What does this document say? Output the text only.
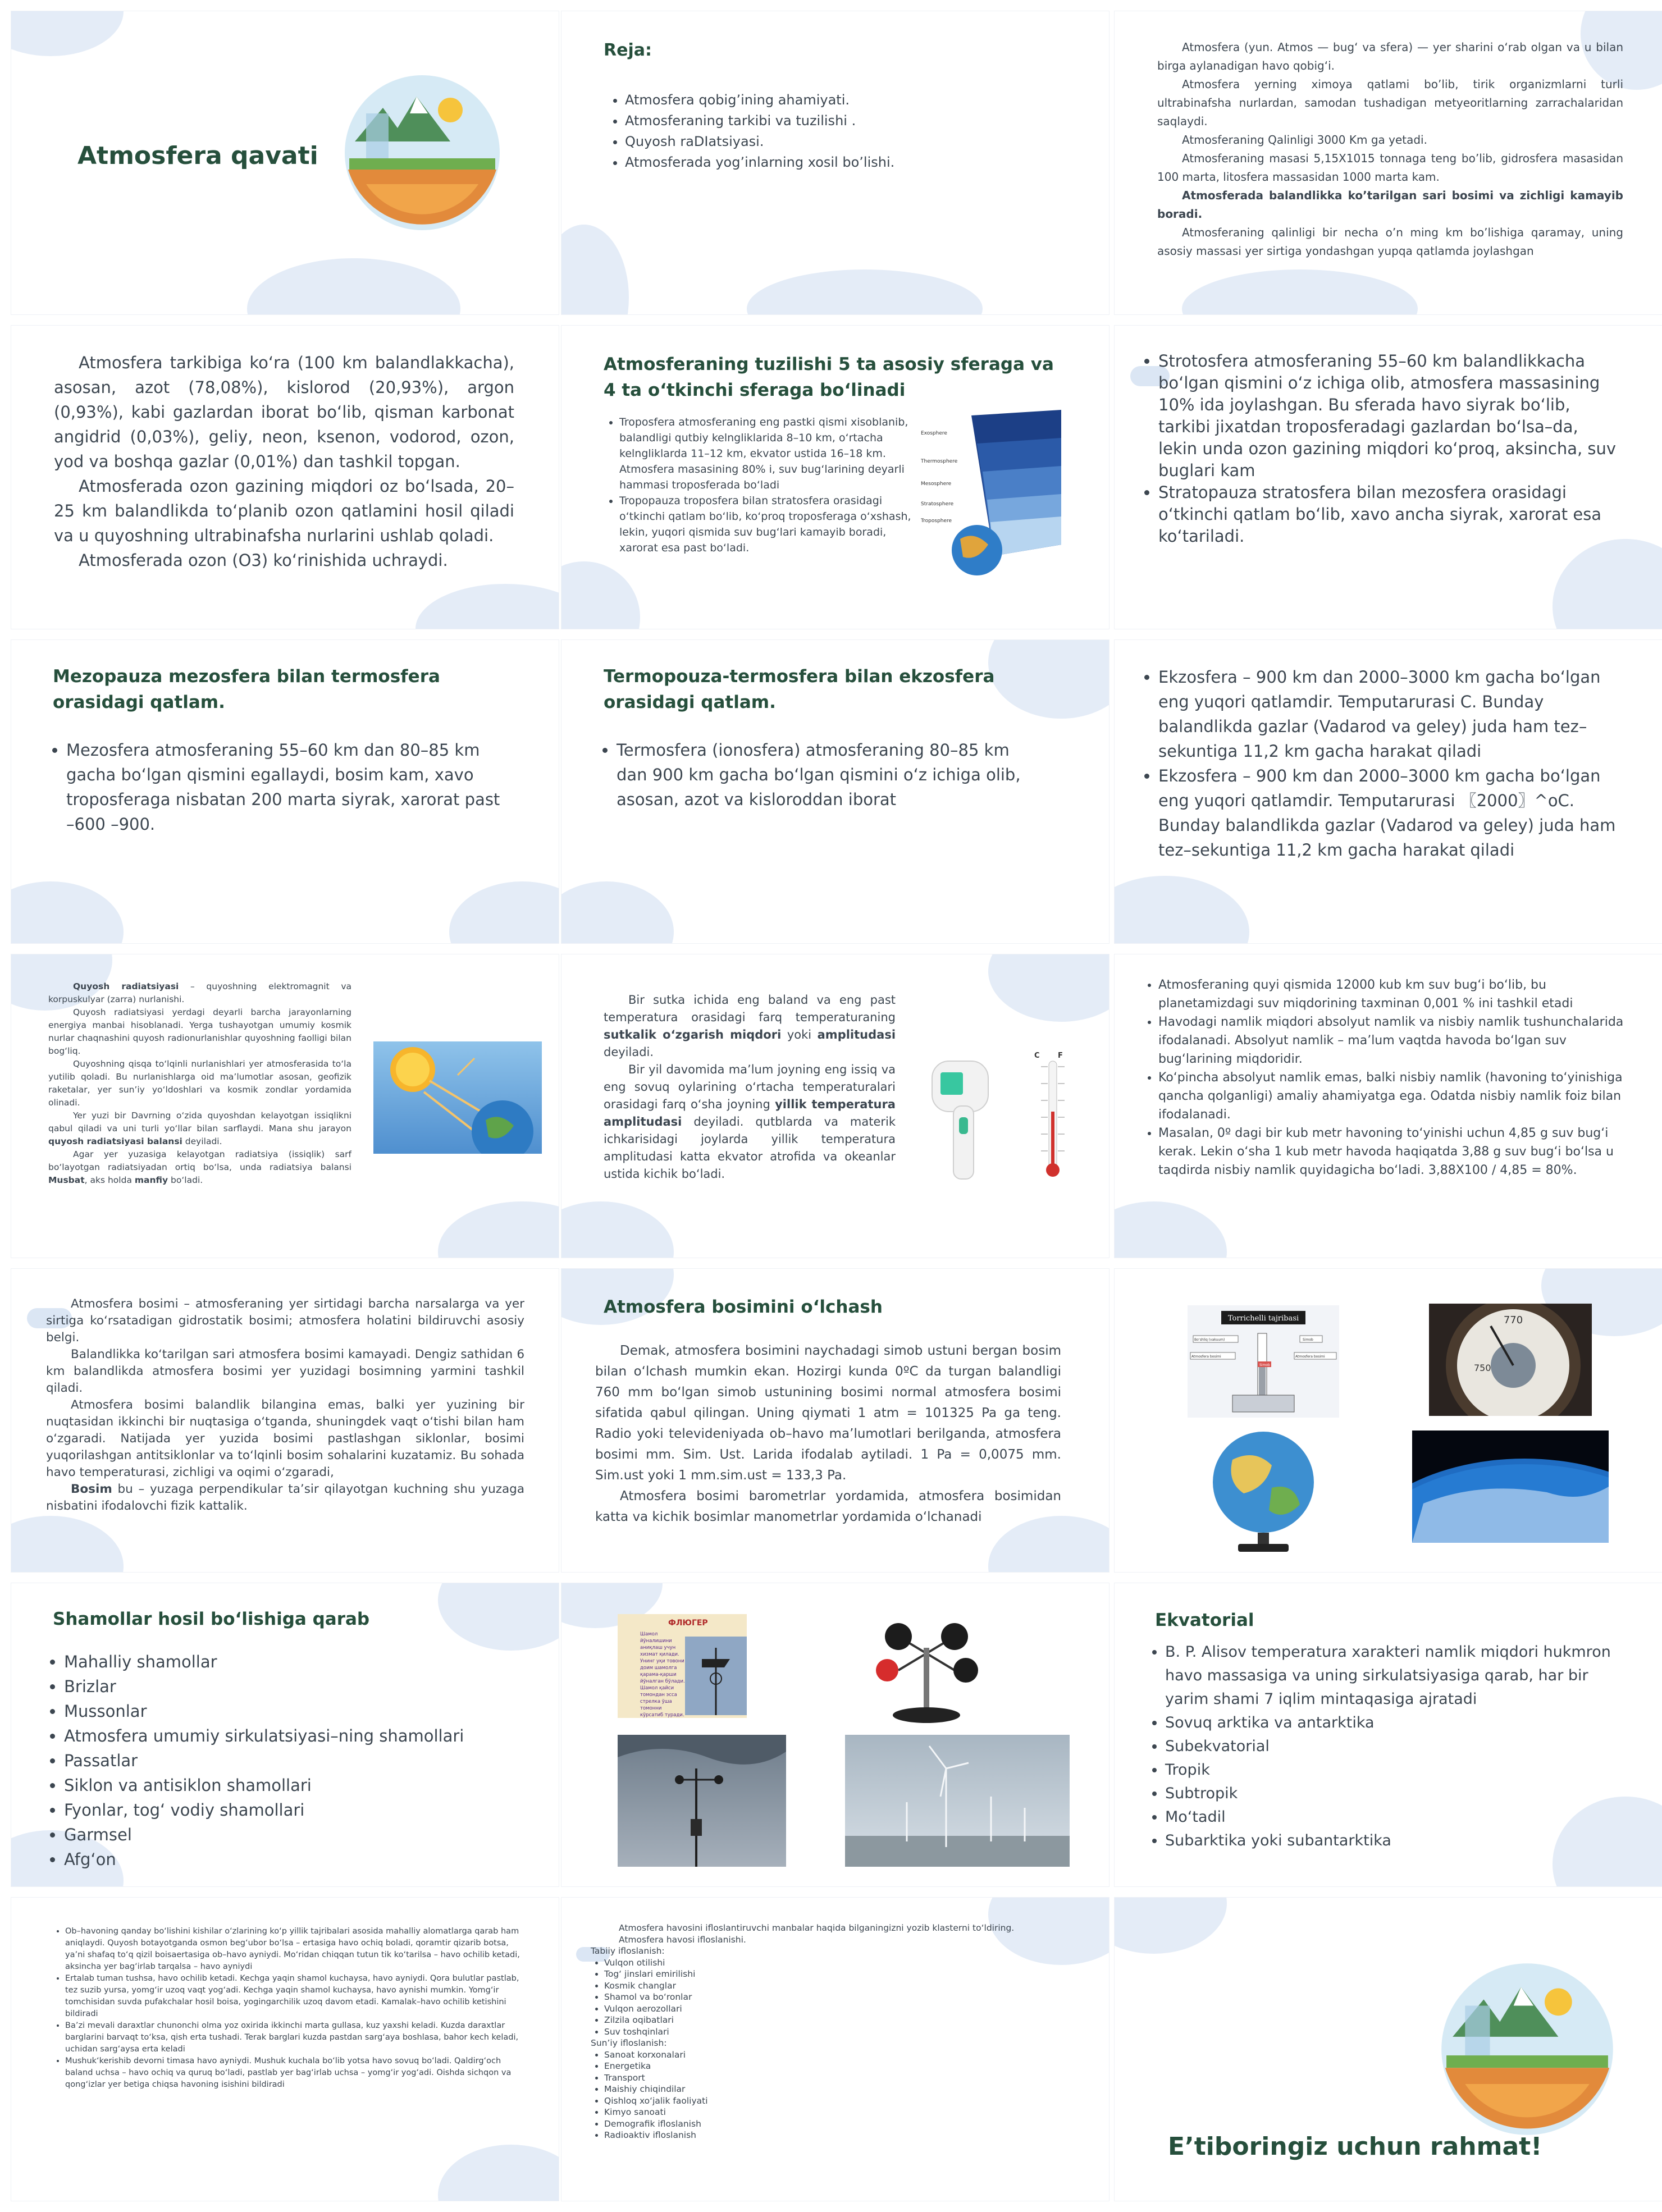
Atmosfera qavati
Reja:
• Atmosfera qobig’ining ahamiyati.
• Atmosferaning tarkibi va tuzilishi .
• Quyosh raDIatsiyasi.
• Atmosferada yog’inlarning xosil bo’lishi.

Atmosfera (yun. Atmos — bug‘ va sfera) — yer sharini o‘rab olgan va u bilan birga aylanadigan havo qobig‘i.

Atmosfera yerning ximoya qatlami bo’lib, tirik organizmlarni turli ultrabinafsha nurlardan, samodan tushadigan metyeoritlarning zarrachalaridan saqlaydi.

Atmosferaning Qalinligi 3000 Km ga yetadi.

Atmosferaning masasi 5,15X1015 tonnaga teng bo’lib, gidrosfera masasidan 100 marta, litosfera massasidan 1000 marta kam.

Atmosferada balandlikka ko’tarilgan sari bosimi va zichligi kamayib boradi.

Atmosferaning qalinligi bir necha o’n ming km bo’lishiga qaramay, uning asosiy massasi yer sirtiga yondashgan yupqa qatlamda joylashgan

Atmosfera tarkibiga ko‘ra (100 km balandlakkacha), asosan, azot (78,08%), kislorod (20,93%), argon (0,93%), kabi gazlardan iborat bo‘lib, qisman karbonat angidrid (0,03%), geliy, neon, ksenon, vodorod, ozon, yod va boshqa gazlar (0,01%) dan tashkil topgan.

Atmosferada ozon gazining miqdori oz bo‘lsada, 20–25 km balandlikda to‘planib ozon qatlamini hosil qiladi va u quyoshning ultrabinafsha nurlarini ushlab qoladi.

Atmosferada ozon (O3) ko‘rinishida uchraydi.

Atmosferaning tuzilishi 5 ta asosiy sferaga va 4 ta o‘tkinchi sferaga bo‘linadi
• Troposfera atmosferaning eng pastki qismi xisoblanib, balandligi qutbiy kelngliklarida 8–10 km, o‘rtacha kelngliklarda 11–12 km, ekvator ustida 16–18 km. Atmosfera masasining 80% i, suv bug‘larining deyarli hammasi troposferada bo‘ladi
• Tropopauza troposfera bilan stratosfera orasidagi o‘tkinchi qatlam bo‘lib, ko‘proq troposferaga o‘xshash, lekin, yuqori qismida suv bug‘lari kamayib boradi, xarorat esa past bo‘ladi.
Exosphere
Thermosphere
Mesosphere
Stratosphere
Troposphere
• Strotosfera atmosferaning 55–60 km balandlikkacha bo‘lgan qismini o‘z ichiga olib, atmosfera massasining 10% ida joylashgan. Bu sferada havo siyrak bo‘lib, tarkibi jixatdan troposferadagi gazlardan bo‘lsa–da, lekin unda ozon gazining miqdori ko‘proq, aksincha, suv buglari kam
• Stratopauza stratosfera bilan mezosfera orasidagi o‘tkinchi qatlam bo‘lib, xavo ancha siyrak, xarorat esa ko‘tariladi.
Mezopauza mezosfera bilan termosfera orasidagi qatlam.
• Mezosfera atmosferaning 55–60 km dan 80–85 km gacha bo‘lgan qismini egallaydi, bosim kam, xavo troposferaga nisbatan 200 marta siyrak, xarorat past –600 –900.
Termopouza-termosfera bilan ekzosfera orasidagi qatlam.
• Termosfera (ionosfera) atmosferaning 80–85 km dan 900 km gacha bo‘lgan qismini o‘z ichiga olib, asosan, azot va kisloroddan iborat
• Ekzosfera – 900 km dan 2000–3000 km gacha bo‘lgan eng yuqori qatlamdir. Temputarurasi C. Bunday balandlikda gazlar (Vadarod va geley) juda ham tez–sekuntiga 11,2 km gacha harakat qiladi
• Ekzosfera – 900 km dan 2000–3000 km gacha bo‘lgan eng yuqori qatlamdir. Temputarurasi 〖2000〗^oC. Bunday balandlikda gazlar (Vadarod va geley) juda ham tez–sekuntiga 11,2 km gacha harakat qiladi

Quyosh radiatsiyasi – quyoshning elektromagnit va korpuskulyar (zarra) nurlanishi.

Quyosh radiatsiyasi yerdagi deyarli barcha jarayonlarning energiya manbai hisoblanadi. Yerga tushayotgan umumiy kosmik nurlar chaqnashini quyosh radionurlanishlar quyoshning faolligi bilan bog‘liq.

Quyoshning qisqa to‘lqinli nurlanishlari yer atmosferasida to‘la yutilib qoladi. Bu nurlanishlarga oid ma’lumotlar asosan, geofizik raketalar, yer sun’iy yo‘ldoshlari va kosmik zondlar yordamida olinadi.

Yer yuzi bir Davrning o‘zida quyoshdan kelayotgan issiqlikni qabul qiladi va uni turli yo‘llar bilan sarflaydi. Mana shu jarayon quyosh radiatsiyasi balansi deyiladi.

Agar yer yuzasiga kelayotgan radiatsiya (issiqlik) sarf bo‘layotgan radiatsiyadan ortiq bo‘lsa, unda radiatsiya balansi Musbat, aks holda manfiy bo‘ladi.

Bir sutka ichida eng baland va eng past temperatura orasidagi farq temperaturaning sutkalik o‘zgarish miqdori yoki amplitudasi deyiladi.

Bir yil davomida ma’lum joyning eng issiq va eng sovuq oylarining o‘rtacha temperaturalari orasidagi farq o‘sha joyning yillik temperatura amplitudasi deyiladi. qutblarda va materik ichkarisidagi joylarda yillik temperatura amplitudasi katta ekvator atrofida va okeanlar ustida kichik bo‘ladi.

C F
• Atmosferaning quyi qismida 12000 kub km suv bug‘i bo‘lib, bu planetamizdagi suv miqdorining taxminan 0,001 % ini tashkil etadi
• Havodagi namlik miqdori absolyut namlik va nisbiy namlik tushunchalarida ifodalanadi. Absolyut namlik – ma’lum vaqtda havoda bo‘lgan suv bug‘larining miqdoridir.
• Ko‘pincha absolyut namlik emas, balki nisbiy namlik (havoning to‘yinishiga qancha qolganligi) amaliy ahamiyatga ega. Odatda nisbiy namlik foiz bilan ifodalanadi.
• Masalan, 0º dagi bir kub metr havoning to‘yinishi uchun 4,85 g suv bug‘i kerak. Lekin o‘sha 1 kub metr havoda haqiqatda 3,88 g suv bug‘i bo‘lsa u taqdirda nisbiy namlik quyidagicha bo‘ladi. 3,88Х100 / 4,85 = 80%.

Atmosfera bosimi – atmosferaning yer sirtidagi barcha narsalarga va yer sirtiga ko‘rsatadigan gidrostatik bosimi; atmosfera holatini bildiruvchi asosiy belgi.

Balandlikka ko‘tarilgan sari atmosfera bosimi kamayadi. Dengiz sathidan 6 km balandlikda atmosfera bosimi yer yuzidagi bosimning yarmini tashkil qiladi.

Atmosfera bosimi balandlik bilangina emas, balki yer yuzining bir nuqtasidan ikkinchi bir nuqtasiga o‘tganda, shuningdek vaqt o‘tishi bilan ham o‘zgaradi. Natijada yer yuzida bosimi pastlashgan siklonlar, bosimi yuqorilashgan antitsiklonlar va to‘lqinli bosim sohalarini kuzatamiz. Bu sohada havo temperaturasi, zichligi va oqimi o‘zgaradi,

Bosim bu – yuzaga perpendikular ta’sir qilayotgan kuchning shu yuzaga nisbatini ifodalovchi fizik kattalik.

Atmosfera bosimini o‘lchash

Demak, atmosfera bosimini naychadagi simob ustuni bergan bosim bilan o‘lchash mumkin ekan. Hozirgi kunda 0ºC da turgan balandligi 760 mm bo‘lgan simob ustunining bosimi normal atmosfera bosimi sifatida qabul qilingan. Uning qiymati 1 atm = 101325 Pa ga teng. Radio yoki televideniyada ob–havo ma’lumotlari berilganda, atmosfera bosimi mm. Sim. Ust. Larida ifodalab aytiladi. 1 Pa = 0,0075 mm. Sim.ust yoki 1 mm.sim.ust = 133,3 Pa.

Atmosfera bosimi barometrlar yordamida, atmosfera bosimidan katta va kichik bosimlar manometrlar yordamida o‘lchanadi

Torrichelli tajribasi
Bo‘shliq (vakuum)	Simob
Atmosfera bosimi	Atmosfera bosimi
Simob
770
750
Shamollar hosil bo‘lishiga qarab
• Mahalliy shamollar
• Brizlar
• Mussonlar
• Atmosfera umumiy sirkulatsiyasi–ning shamollari
• Passatlar
• Siklon va antisiklon shamollari
• Fyonlar, tog‘ vodiy shamollari
• Garmsel
• Afg‘on
ФЛЮГЕР
Шамол йўналишини аниқлаш учун хизмат қилади. Унинг уқи товони доим шамолга қарама-қарши йўналган бўлади. Шамол қайси томондан эсса стрелка ўша томонни кўрсатиб туради.
Ekvatorial
• B. P. Alisov temperatura xarakteri namlik miqdori hukmron havo massasiga va uning sirkulatsiyasiga qarab, har bir yarim shami 7 iqlim mintaqasiga ajratadi
• Sovuq arktika va antarktika
• Subekvatorial
• Tropik
• Subtropik
• Mo‘tadil
• Subarktika yoki subantarktika
• Ob–havoning qanday bo‘lishini kishilar o‘zlarining ko‘p yillik tajribalari asosida mahalliy alomatlarga qarab ham aniqlaydi. Quyosh botayotganda osmon beg‘ubor bo‘lsa – ertasiga havo ochiq boladi, qoramtir qizarib botsa, ya’ni shafaq to‘q qizil boisaertasiga ob–havo ayniydi. Mo‘ridan chiqqan tutun tik ko‘tarilsa – havo ochilib ketadi, aksincha yer bag‘irlab tarqalsa – havo ayniydi
• Ertalab tuman tushsa, havo ochilib ketadi. Kechga yaqin shamol kuchaysa, havo ayniydi. Qora bulutlar pastlab, tez suzib yursa, yomg‘ir uzoq vaqt yog‘adi. Kechga yaqin shamol kuchaysa, havo aynishi mumkin. Yomg‘ir tomchisidan suvda pufakchalar hosil boisa, yogingarchilik uzoq davom etadi. Kamalak–havo ochilib ketishini bildiradi
• Ba’zi mevali daraxtlar chunonchi olma yoz oxirida ikkinchi marta gullasa, kuz yaxshi keladi. Kuzda daraxtlar barglarini barvaqt to‘ksa, qish erta tushadi. Terak barglari kuzda pastdan sarg‘aya boshlasa, bahor kech keladi, uchidan sarg‘aysa erta keladi
• Mushuk‘kerishib devorni timasa havo ayniydi. Mushuk kuchala bo‘lib yotsa havo sovuq bo‘ladi. Qaldirg‘och baland uchsa – havo ochiq va quruq bo‘ladi, pastlab yer bag‘irlab uchsa – yomg‘ir yog‘adi. Oishda sichqon va qong‘izlar yer betiga chiqsa havoning isishini bildiradi
Atmosfera havosini ifloslantiruvchi manbalar haqida bilganingizni yozib klasterni to‘ldiring.
Atmosfera havosi ifloslanishi.
Tabiiy ifloslanish:
• Vulqon otilishi
• Tog‘ jinslari emirilishi
• Kosmik changlar
• Shamol va bo‘ronlar
• Vulqon aerozollari
• Zilzila oqibatlari
• Suv toshqinlari
Sun’iy ifloslanish:
• Sanoat korxonalari
• Energetika
• Transport
• Maishiy chiqindilar
• Qishloq xo‘jalik faoliyati
• Kimyo sanoati
• Demografik ifloslanish
• Radioaktiv ifloslanish	E’tiboringiz uchun rahmat!
